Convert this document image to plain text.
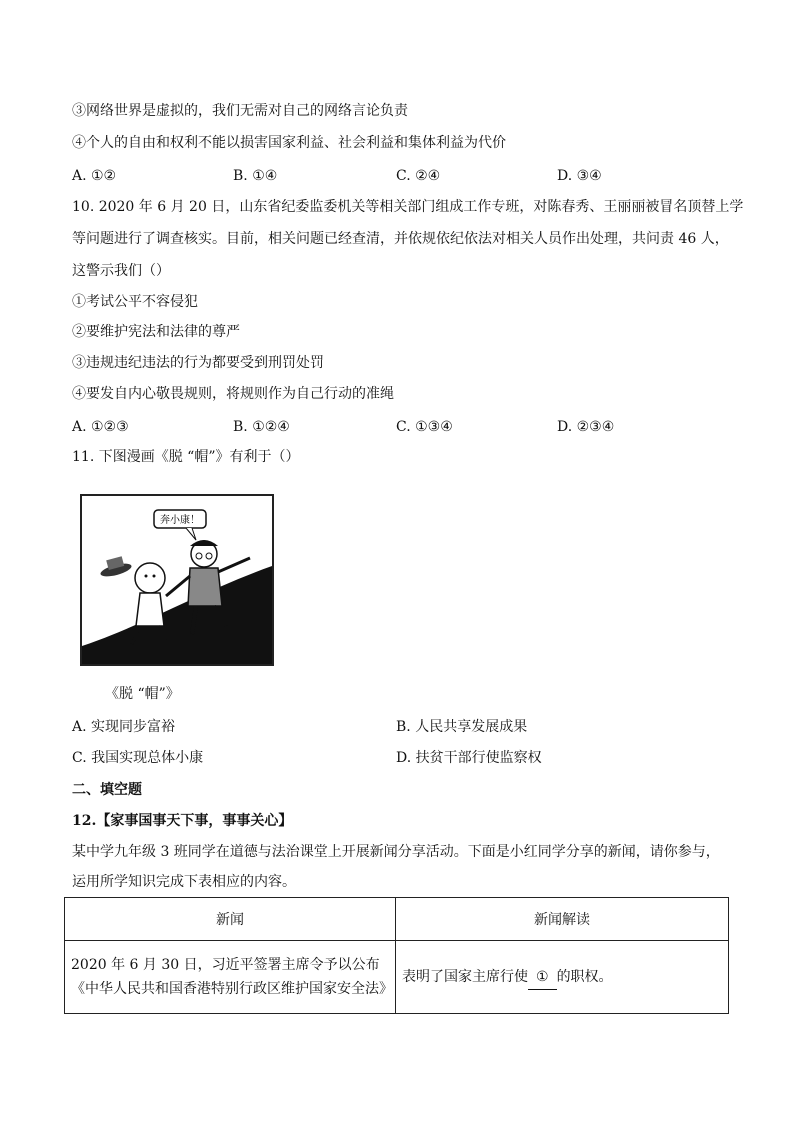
③网络世界是虚拟的，我们无需对自己的网络言论负责
④个人的自由和权利不能以损害国家利益、社会利益和集体利益为代价
A. ①②	B. ①④	C. ②④	D. ③④
10. 2020 年 6 月 20 日，山东省纪委监委机关等相关部门组成工作专班，对陈春秀、王丽丽被冒名顶替上学
等问题进行了调查核实。目前，相关问题已经查清，并依规依纪依法对相关人员作出处理，共问责 46 人，
这警示我们（）
①考试公平不容侵犯
②要维护宪法和法律的尊严
③违规违纪违法的行为都要受到刑罚处罚
④要发自内心敬畏规则，将规则作为自己行动的准绳
A. ①②③	B. ①②④	C. ①③④	D. ②③④
11. 下图漫画《脱 “帽”》有利于（）
奔小康！
《脱 “帽”》
A. 实现同步富裕	B. 人民共享发展成果
C. 我国实现总体小康	D. 扶贫干部行使监察权
二、填空题
12.【家事国事天下事，事事关心】
某中学九年级 3 班同学在道德与法治课堂上开展新闻分享活动。下面是小红同学分享的新闻，请你参与，
运用所学知识完成下表相应的内容。
新闻	新闻解读

2020 年 6 月 30 日，习近平签署主席令予以公布
《中华人民共和国香港特别行政区维护国家安全法》	表明了国家主席行使 ① 的职权。
